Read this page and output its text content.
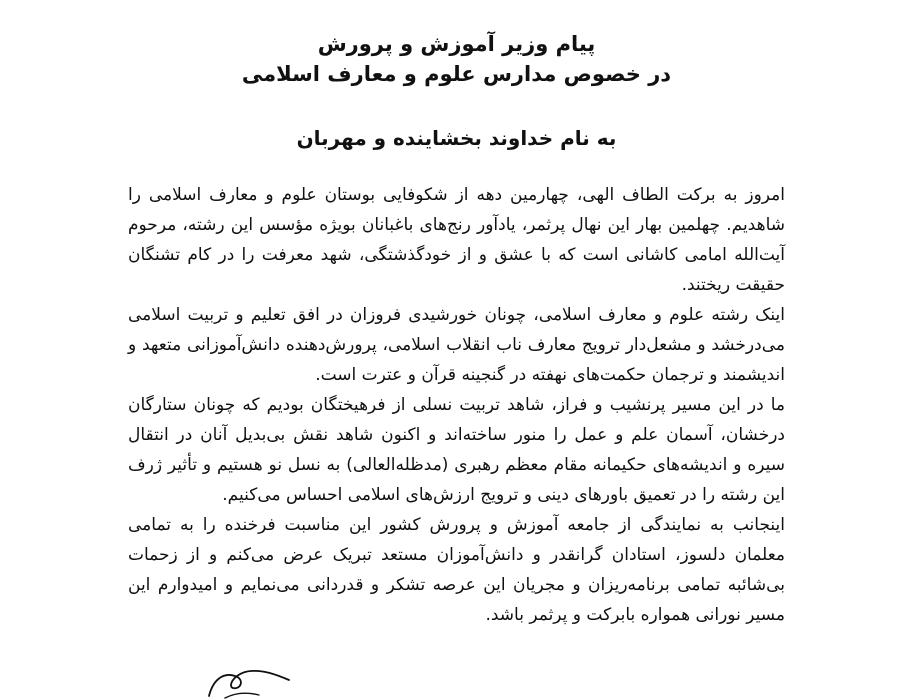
پیام وزیر آموزش و پرورش
در خصوص مدارس علوم و معارف اسلامی

به نام خداوند بخشاینده و مهربان

امروز به برکت الطاف الهی، چهارمین دهه از شکوفایی بوستان علوم و معارف اسلامی را شاهدیم. چهلمین بهار این نهال پرثمر، یادآور رنج‌های باغبانان بویژه مؤسس این رشته، مرحوم آیت‌الله امامی کاشانی است که با عشق و از خودگذشتگی، شهد معرفت را در کام تشنگان حقیقت ریختند.

اینک رشته علوم و معارف اسلامی، چونان خورشیدی فروزان در افق تعلیم و تربیت اسلامی می‌درخشد و مشعل‌دار ترویج معارف ناب انقلاب اسلامی، پرورش‌دهنده دانش‌آموزانی متعهد و اندیشمند و ترجمان حکمت‌های نهفته در گنجینه قرآن و عترت است.

ما در این مسیر پرنشیب و فراز، شاهد تربیت نسلی از فرهیختگان بودیم که چونان ستارگان درخشان، آسمان علم و عمل را منور ساخته‌اند و اکنون شاهد نقش بی‌بدیل آنان در انتقال سیره و اندیشه‌های حکیمانه مقام معظم رهبری (مدظله‌العالی) به نسل نو هستیم و تأثیر ژرف این رشته را در تعمیق باورهای دینی و ترویج ارزش‌های اسلامی احساس می‌کنیم.

اینجانب به نمایندگی از جامعه آموزش و پرورش کشور این مناسبت فرخنده را به تمامی معلمان دلسوز، استادان گرانقدر و دانش‌آموزان مستعد تبریک عرض می‌کنم و از زحمات بی‌شائبه تمامی برنامه‌ریزان و مجریان این عرصه تشکر و قدردانی می‌نمایم و امیدوارم این مسیر نورانی همواره بابرکت و پرثمر باشد.
